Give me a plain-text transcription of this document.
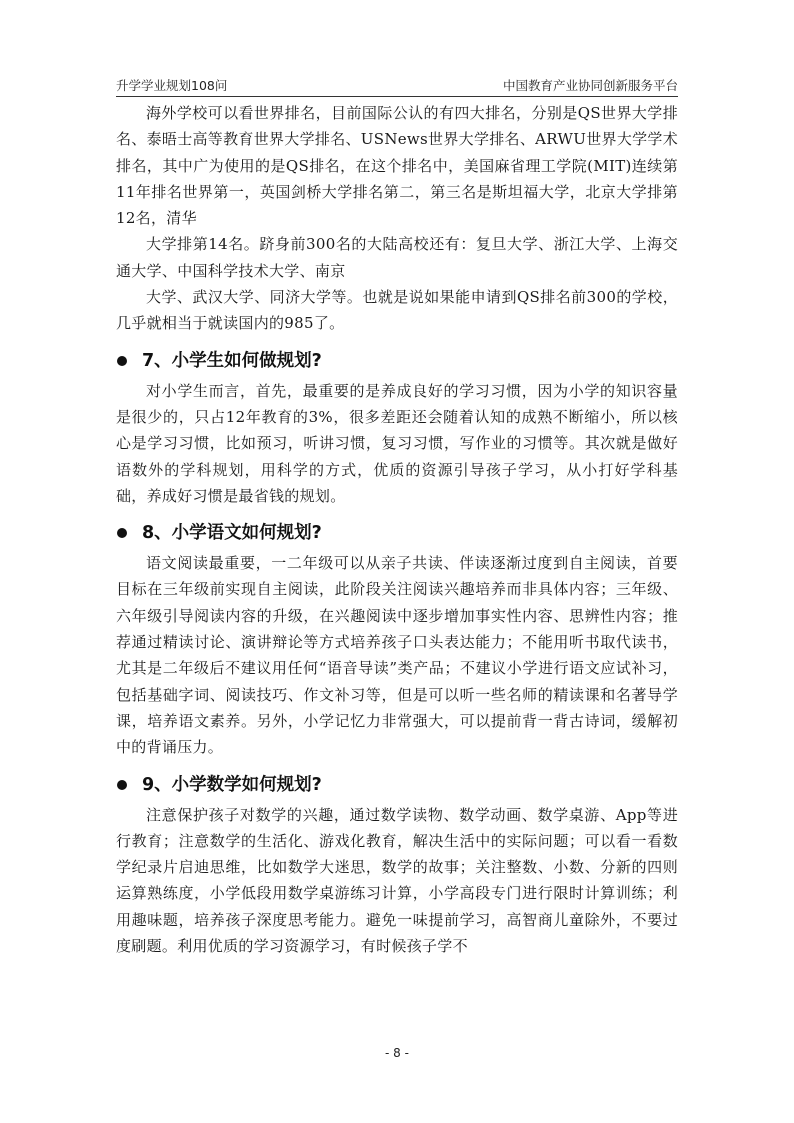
升学学业规划108问	中国教育产业协同创新服务平台

海外学校可以看世界排名，目前国际公认的有四大排名，分别是QS世界大学排名、泰晤士高等教育世界大学排名、USNews世界大学排名、ARWU世界大学学术排名，其中广为使用的是QS排名，在这个排名中，美国麻省理工学院(MIT)连续第11年排名世界第一，英国剑桥大学排名第二，第三名是斯坦福大学，北京大学排第12名，清华

大学排第14名。跻身前300名的大陆高校还有：复旦大学、浙江大学、上海交通大学、中国科学技术大学、南京

大学、武汉大学、同济大学等。也就是说如果能申请到QS排名前300的学校，几乎就相当于就读国内的985了。

7、小学生如何做规划?

对小学生而言，首先，最重要的是养成良好的学习习惯，因为小学的知识容量是很少的，只占12年教育的3%，很多差距还会随着认知的成熟不断缩小，所以核心是学习习惯，比如预习，听讲习惯，复习习惯，写作业的习惯等。其次就是做好语数外的学科规划，用科学的方式，优质的资源引导孩子学习，从小打好学科基础，养成好习惯是最省钱的规划。

8、小学语文如何规划?

语文阅读最重要，一二年级可以从亲子共读、伴读逐渐过度到自主阅读，首要目标在三年级前实现自主阅读，此阶段关注阅读兴趣培养而非具体内容；三年级、六年级引导阅读内容的升级，在兴趣阅读中逐步增加事实性内容、思辨性内容；推荐通过精读讨论、演讲辩论等方式培养孩子口头表达能力；不能用听书取代读书，尤其是二年级后不建议用任何“语音导读”类产品；不建议小学进行语文应试补习，包括基础字词、阅读技巧、作文补习等，但是可以听一些名师的精读课和名著导学课，培养语文素养。另外，小学记忆力非常强大，可以提前背一背古诗词，缓解初中的背诵压力。

9、小学数学如何规划?

注意保护孩子对数学的兴趣，通过数学读物、数学动画、数学桌游、App等进行教育；注意数学的生活化、游戏化教育，解决生活中的实际问题；可以看一看数学纪录片启迪思维，比如数学大迷思，数学的故事；关注整数、小数、分新的四则运算熟练度，小学低段用数学桌游练习计算，小学高段专门进行限时计算训练；利用趣味题，培养孩子深度思考能力。避免一味提前学习，高智商儿童除外，不要过度刷题。利用优质的学习资源学习，有时候孩子学不

- 8 -
